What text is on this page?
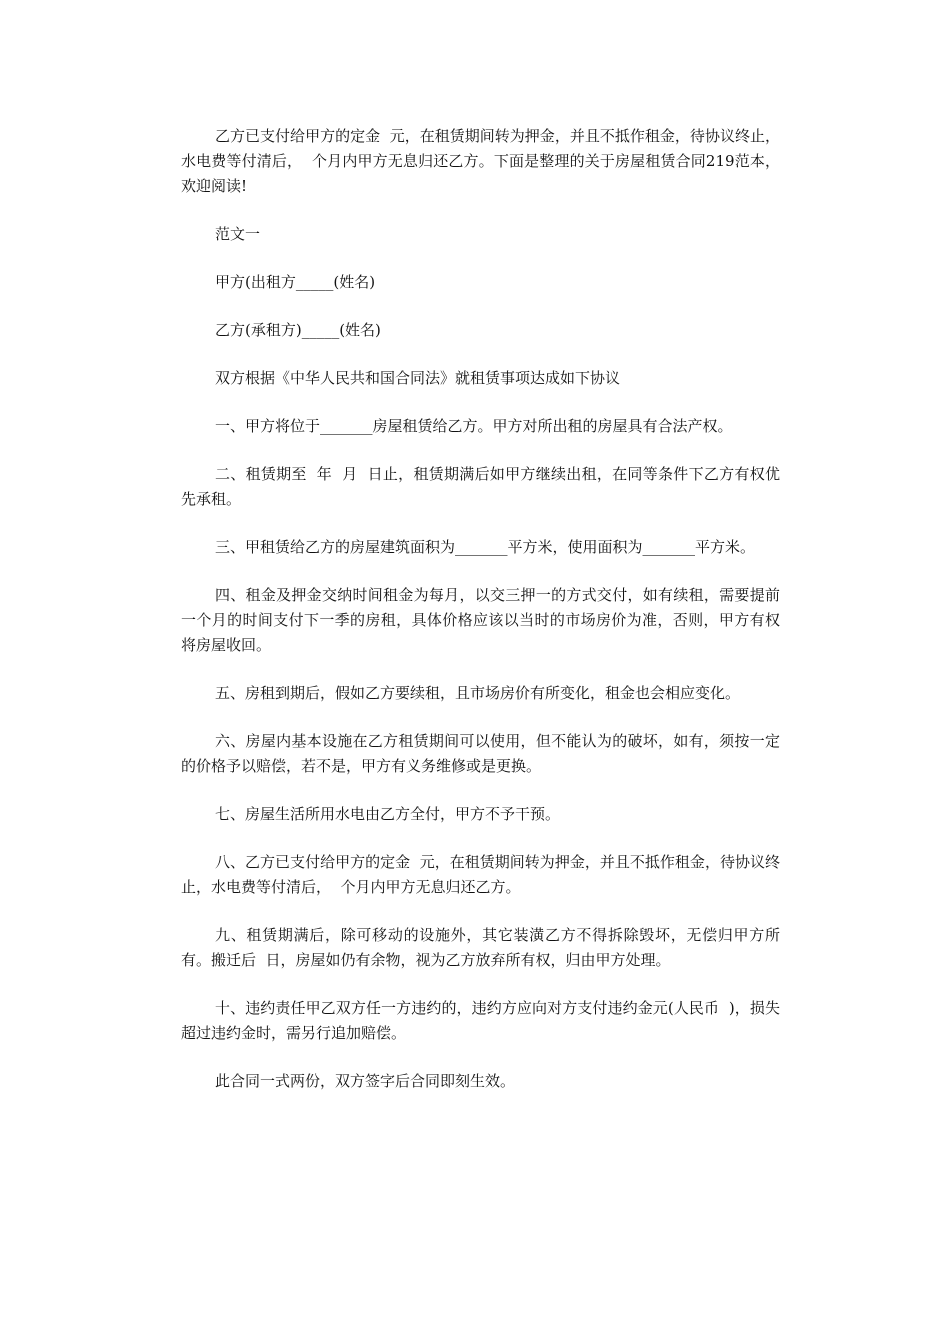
乙方已支付给甲方的定金  元，在租赁期间转为押金，并且不抵作租金，待协议终止，水电费等付清后，  个月内甲方无息归还乙方。下面是整理的关于房屋租赁合同219范本，欢迎阅读!

范文一

甲方(出租方_____(姓名)

乙方(承租方)_____(姓名)

双方根据《中华人民共和国合同法》就租赁事项达成如下协议

一、甲方将位于_______房屋租赁给乙方。甲方对所出租的房屋具有合法产权。

二、租赁期至  年  月  日止，租赁期满后如甲方继续出租，在同等条件下乙方有权优先承租。

三、甲租赁给乙方的房屋建筑面积为_______平方米，使用面积为_______平方米。

四、租金及押金交纳时间租金为每月，以交三押一的方式交付，如有续租，需要提前一个月的时间支付下一季的房租，具体价格应该以当时的市场房价为准，否则，甲方有权将房屋收回。

五、房租到期后，假如乙方要续租，且市场房价有所变化，租金也会相应变化。

六、房屋内基本设施在乙方租赁期间可以使用，但不能认为的破坏，如有，须按一定的价格予以赔偿，若不是，甲方有义务维修或是更换。

七、房屋生活所用水电由乙方全付，甲方不予干预。

八、乙方已支付给甲方的定金  元，在租赁期间转为押金，并且不抵作租金，待协议终止，水电费等付清后，  个月内甲方无息归还乙方。

九、租赁期满后，除可移动的设施外，其它装潢乙方不得拆除毁坏，无偿归甲方所有。搬迁后  日，房屋如仍有余物，视为乙方放弃所有权，归由甲方处理。

十、违约责任甲乙双方任一方违约的，违约方应向对方支付违约金元(人民币  )，损失超过违约金时，需另行追加赔偿。

此合同一式两份，双方签字后合同即刻生效。
